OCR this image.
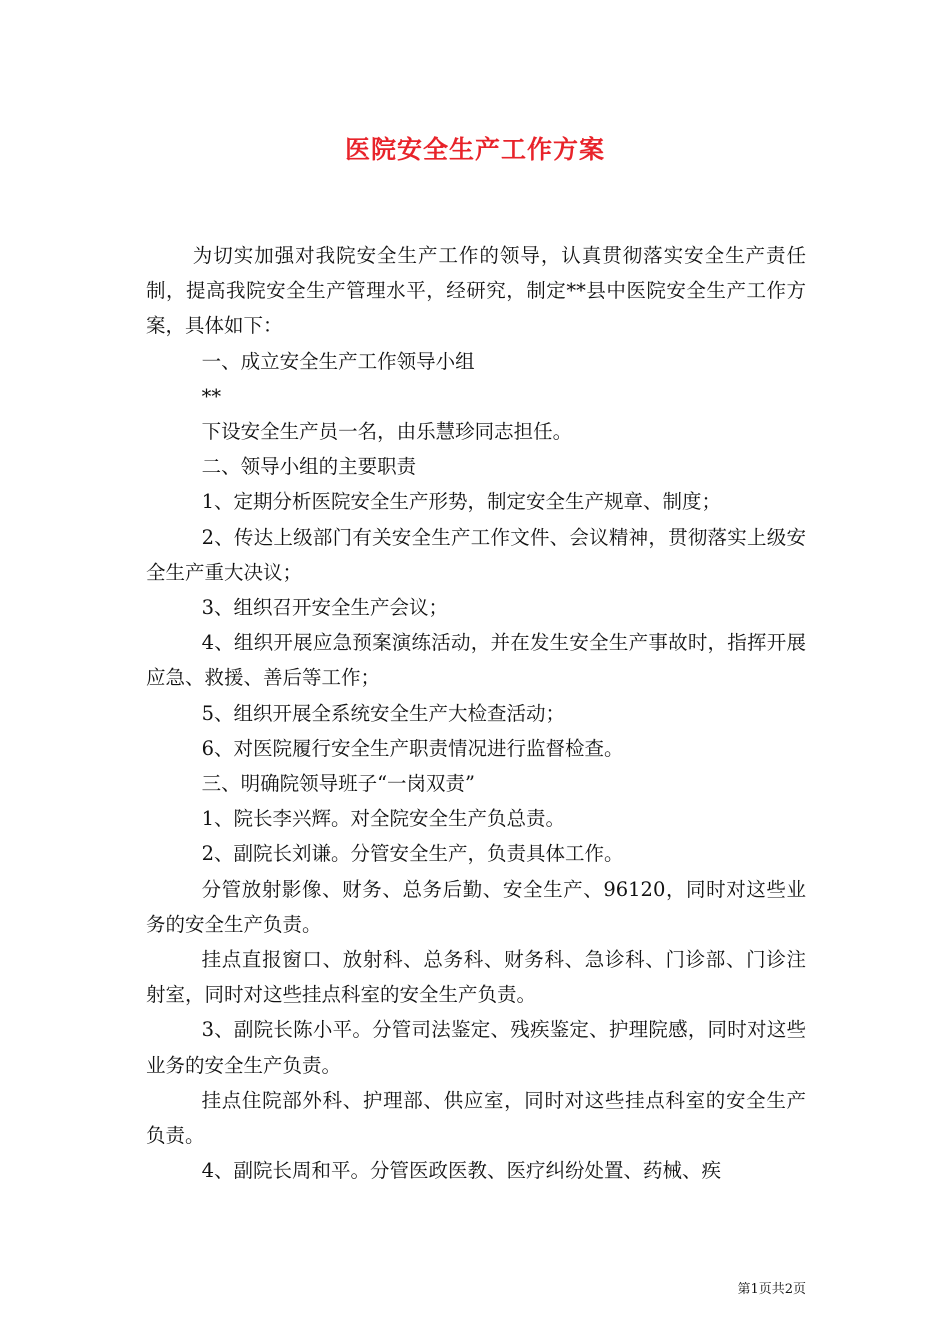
医院安全生产工作方案

为切实加强对我院安全生产工作的领导，认真贯彻落实安全生产责任制，提高我院安全生产管理水平，经研究，制定**县中医院安全生产工作方案，具体如下：

一、成立安全生产工作领导小组

**

下设安全生产员一名，由乐慧珍同志担任。

二、领导小组的主要职责

1、定期分析医院安全生产形势，制定安全生产规章、制度；

2、传达上级部门有关安全生产工作文件、会议精神，贯彻落实上级安全生产重大决议；

3、组织召开安全生产会议；

4、组织开展应急预案演练活动，并在发生安全生产事故时，指挥开展应急、救援、善后等工作；

5、组织开展全系统安全生产大检查活动；

6、对医院履行安全生产职责情况进行监督检查。

三、明确院领导班子“一岗双责”

1、院长李兴辉。对全院安全生产负总责。

2、副院长刘谦。分管安全生产，负责具体工作。

分管放射影像、财务、总务后勤、安全生产、96120，同时对这些业务的安全生产负责。

挂点直报窗口、放射科、总务科、财务科、急诊科、门诊部、门诊注射室，同时对这些挂点科室的安全生产负责。

3、副院长陈小平。分管司法鉴定、残疾鉴定、护理院感，同时对这些业务的安全生产负责。

挂点住院部外科、护理部、供应室，同时对这些挂点科室的安全生产负责。

4、副院长周和平。分管医政医教、医疗纠纷处置、药械、疾

第1页共2页
